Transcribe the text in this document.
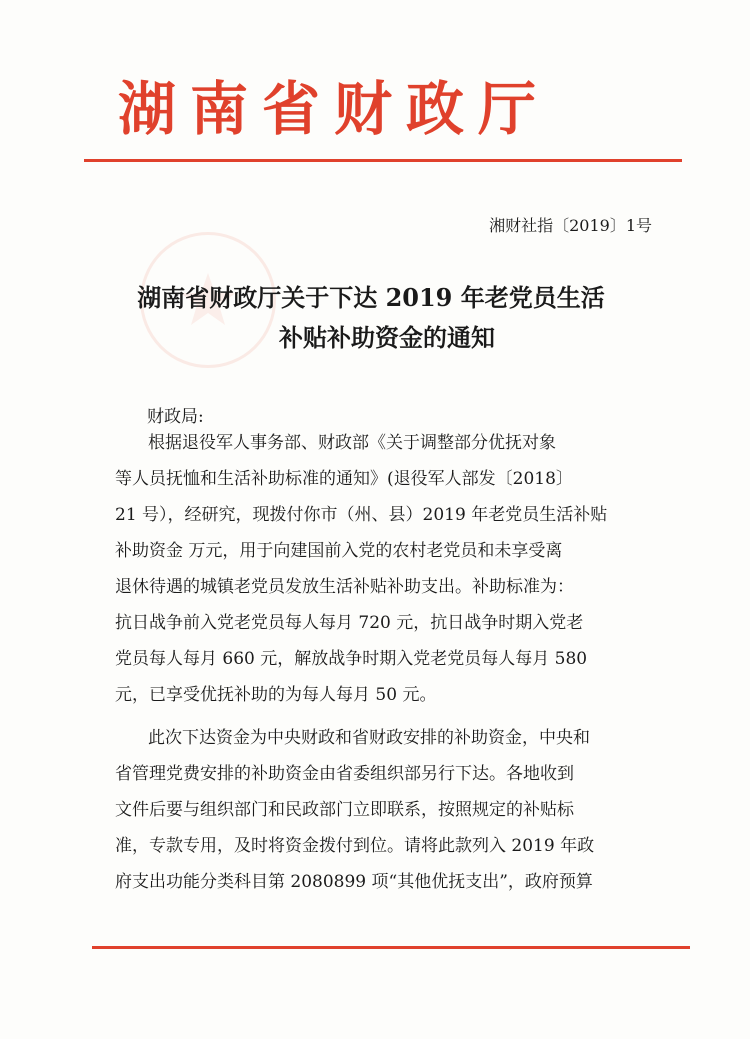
湖南省财政厅
湘财社指〔2019〕1号
湖南省财政厅关于下达 2019 年老党员生活
补贴补助资金的通知
财政局:
根据退役军人事务部、财政部《关于调整部分优抚对象
等人员抚恤和生活补助标准的通知》(退役军人部发〔2018〕
21 号），经研究，现拨付你市（州、县）2019 年老党员生活补贴
补助资金 万元，用于向建国前入党的农村老党员和未享受离
退休待遇的城镇老党员发放生活补贴补助支出。补助标准为：
抗日战争前入党老党员每人每月 720 元，抗日战争时期入党老
党员每人每月 660 元，解放战争时期入党老党员每人每月 580
元，已享受优抚补助的为每人每月 50 元。
此次下达资金为中央财政和省财政安排的补助资金，中央和
省管理党费安排的补助资金由省委组织部另行下达。各地收到
文件后要与组织部门和民政部门立即联系，按照规定的补贴标
准，专款专用，及时将资金拨付到位。请将此款列入 2019 年政
府支出功能分类科目第 2080899 项“其他优抚支出”，政府预算
